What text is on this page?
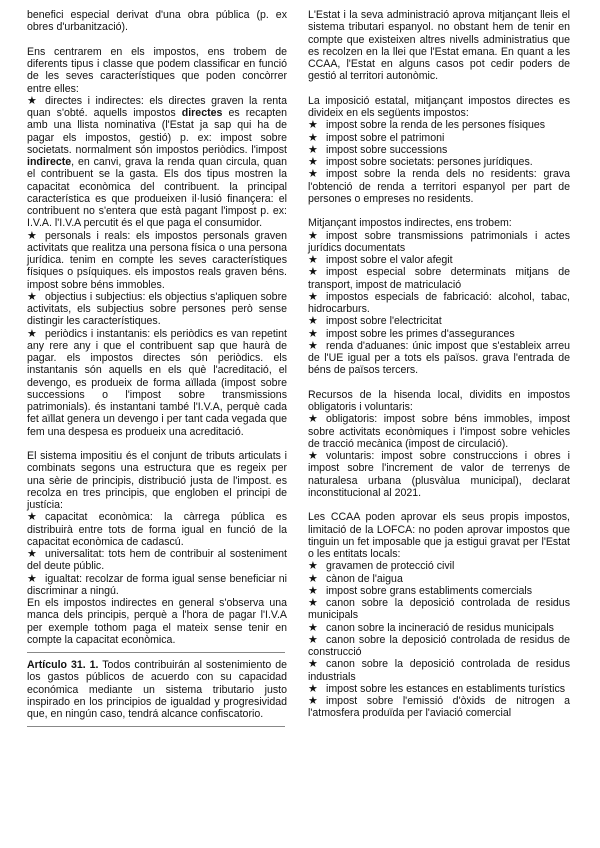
benefici especial derivat d'una obra pública (p. ex obres d'urbanització).

Ens centrarem en els impostos, ens trobem de diferents tipus i classe que podem classificar en funció de les seves característiques que poden concòrrer entre elles:

★ directes i indirectes: els directes graven la renta quan s'obté. aquells impostos directes es recapten amb una llista nominativa (l'Estat ja sap qui ha de pagar els impostos, gestió) p. ex: impost sobre societats. normalment són impostos periòdics. l'impost indirecte, en canvi, grava la renda quan circula, quan el contribuent se la gasta. Els dos tipus mostren la capacitat econòmica del contribuent. la principal característica es que produeixen il·lusió finançera: el contribuent no s'entera que està pagant l'impost p. ex: I.V.A. l'I.V.A percutit és el que paga el consumidor.

★ personals i reals: els impostos personals graven activitats que realitza una persona física o una persona jurídica. tenim en compte les seves característiques físiques o psíquiques. els impostos reals graven béns. impost sobre béns immobles.

★ objectius i subjectius: els objectius s'apliquen sobre activitats, els subjectius sobre persones però sense distingir les característiques.

★ periòdics i instantanis: els periòdics es van repetint any rere any i que el contribuent sap que haurà de pagar. els impostos directes són periòdics. els instantanis són aquells en els què l'acreditació, el devengo, es produeix de forma aïllada (impost sobre successions o l'impost sobre transmissions patrimonials). és instantani també l'I.V.A, perquè cada fet aïllat genera un devengo i per tant cada vegada que fem una despesa es produeix una acreditació.

El sistema impositiu és el conjunt de tributs articulats i combinats segons una estructura que es regeix per una sèrie de principis, distribució justa de l'impost. es recolza en tres principis, que engloben el principi de justícia:

★ capacitat econòmica: la càrrega pública es distribuirà entre tots de forma igual en funció de la capacitat econòmica de cadascú.

★ universalitat: tots hem de contribuir al sosteniment del deute públic.

★ igualtat: recolzar de forma igual sense beneficiar ni discriminar a ningú.

En els impostos indirectes en general s'observa una manca dels principis, perquè a l'hora de pagar l'I.V.A per exemple tothom paga el mateix sense tenir en compte la capacitat econòmica.

Artículo 31. 1. Todos contribuirán al sostenimiento de los gastos públicos de acuerdo con su capacidad económica mediante un sistema tributario justo inspirado en los principios de igualdad y progresividad que, en ningún caso, tendrá alcance confiscatorio.

L'Estat i la seva administració aprova mitjançant lleis el sistema tributari espanyol. no obstant hem de tenir en compte que existeixen altres nivells administratius que es recolzen en la llei que l'Estat emana. En quant a les CCAA, l'Estat en alguns casos pot cedir poders de gestió al territori autonòmic.

La imposició estatal, mitjançant impostos directes es divideix en els següents impostos:

★ impost sobre la renda de les persones físiques

★ impost sobre el patrimoni

★ impost sobre successions

★ impost sobre societats: persones jurídiques.

★ impost sobre la renda dels no residents: grava l'obtenció de renda a territori espanyol per part de persones o empreses no residents.

Mitjançant impostos indirectes, ens trobem:

★ impost sobre transmissions patrimonials i actes jurídics documentats

★ impost sobre el valor afegit

★ impost especial sobre determinats mitjans de transport, impost de matriculació

★ impostos especials de fabricació: alcohol, tabac, hidrocarburs.

★ impost sobre l'electricitat

★ impost sobre les primes d'assegurances

★ renda d'aduanes: únic impost que s'estableix arreu de l'UE igual per a tots els països. grava l'entrada de béns de països tercers.

Recursos de la hisenda local, dividits en impostos obligatoris i voluntaris:

★ obligatoris: impost sobre béns immobles, impost sobre activitats econòmiques i l'impost sobre vehicles de tracció mecànica (impost de circulació).

★ voluntaris: impost sobre construccions i obres i impost sobre l'increment de valor de terrenys de naturalesa urbana (plusvàlua municipal), declarat inconstitucional al 2021.

Les CCAA poden aprovar els seus propis impostos, limitació de la LOFCA: no poden aprovar impostos que tinguin un fet imposable que ja estigui gravat per l'Estat o les entitats locals:

★ gravamen de protecció civil

★ cànon de l'aigua

★ impost sobre grans establiments comercials

★ canon sobre la deposició controlada de residus municipals

★ canon sobre la incineració de residus municipals

★ canon sobre la deposició controlada de residus de construcció

★ canon sobre la deposició controlada de residus industrials

★ impost sobre les estances en establiments turístics

★ impost sobre l'emissió d'òxids de nitrogen a l'atmosfera produïda per l'aviació comercial
